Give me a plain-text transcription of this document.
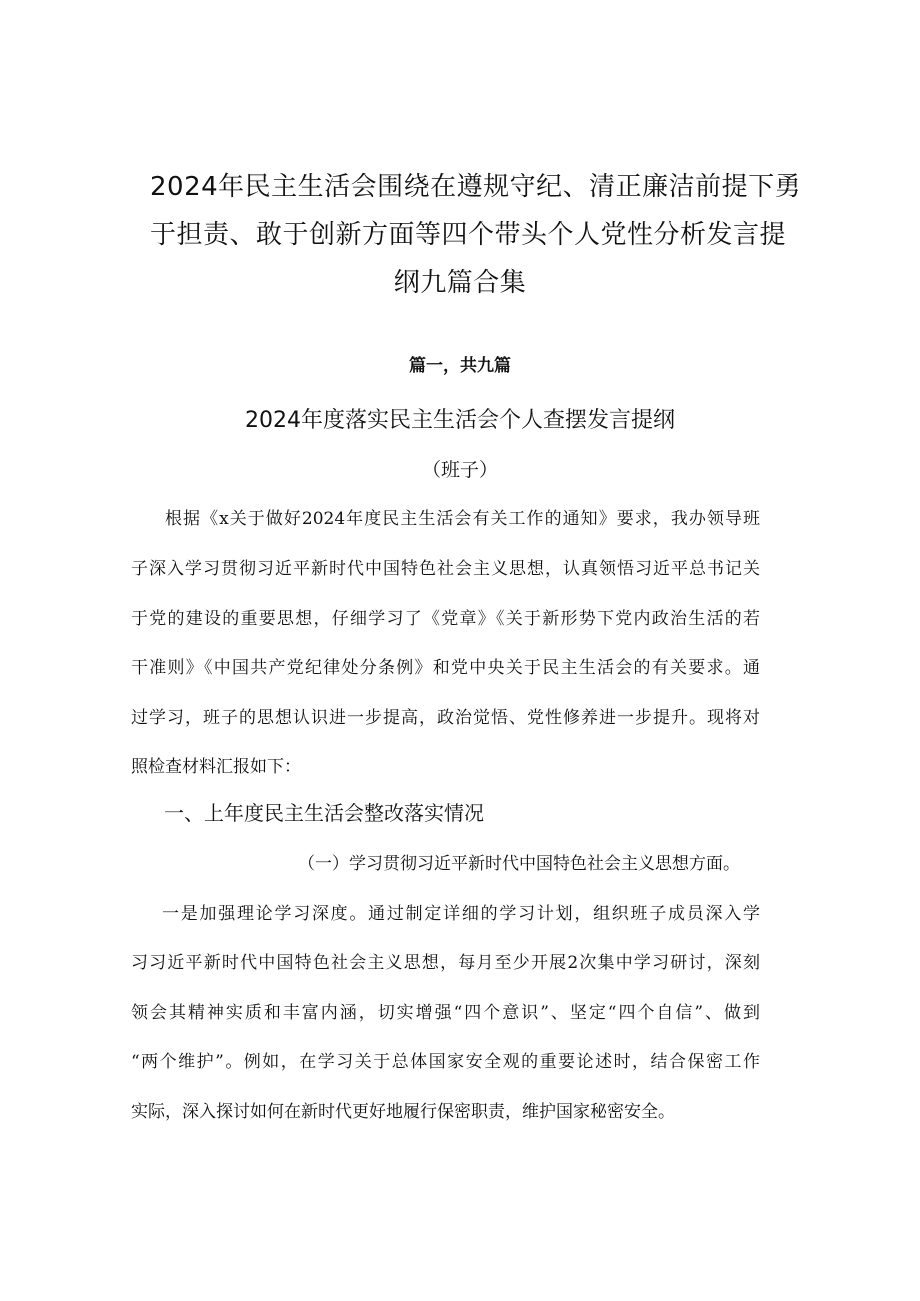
2024年民主生活会围绕在遵规守纪、清正廉洁前提下勇
于担责、敢于创新方面等四个带头个人党性分析发言提
纲九篇合集
篇一，共九篇
2024年度落实民主生活会个人查摆发言提纲
（班子）
根据《x关于做好2024年度民主生活会有关工作的通知》要求，我办领导班
子深入学习贯彻习近平新时代中国特色社会主义思想，认真领悟习近平总书记关
于党的建设的重要思想，仔细学习了《党章》《关于新形势下党内政治生活的若
干准则》《中国共产党纪律处分条例》和党中央关于民主生活会的有关要求。通
过学习，班子的思想认识进一步提高，政治觉悟、党性修养进一步提升。现将对
照检查材料汇报如下：
一、上年度民主生活会整改落实情况
（一）学习贯彻习近平新时代中国特色社会主义思想方面。
一是加强理论学习深度。通过制定详细的学习计划，组织班子成员深入学
习习近平新时代中国特色社会主义思想，每月至少开展2次集中学习研讨，深刻
领会其精神实质和丰富内涵，切实增强“四个意识”、坚定“四个自信”、做到
“两个维护”。例如，在学习关于总体国家安全观的重要论述时，结合保密工作
实际，深入探讨如何在新时代更好地履行保密职责，维护国家秘密安全。
